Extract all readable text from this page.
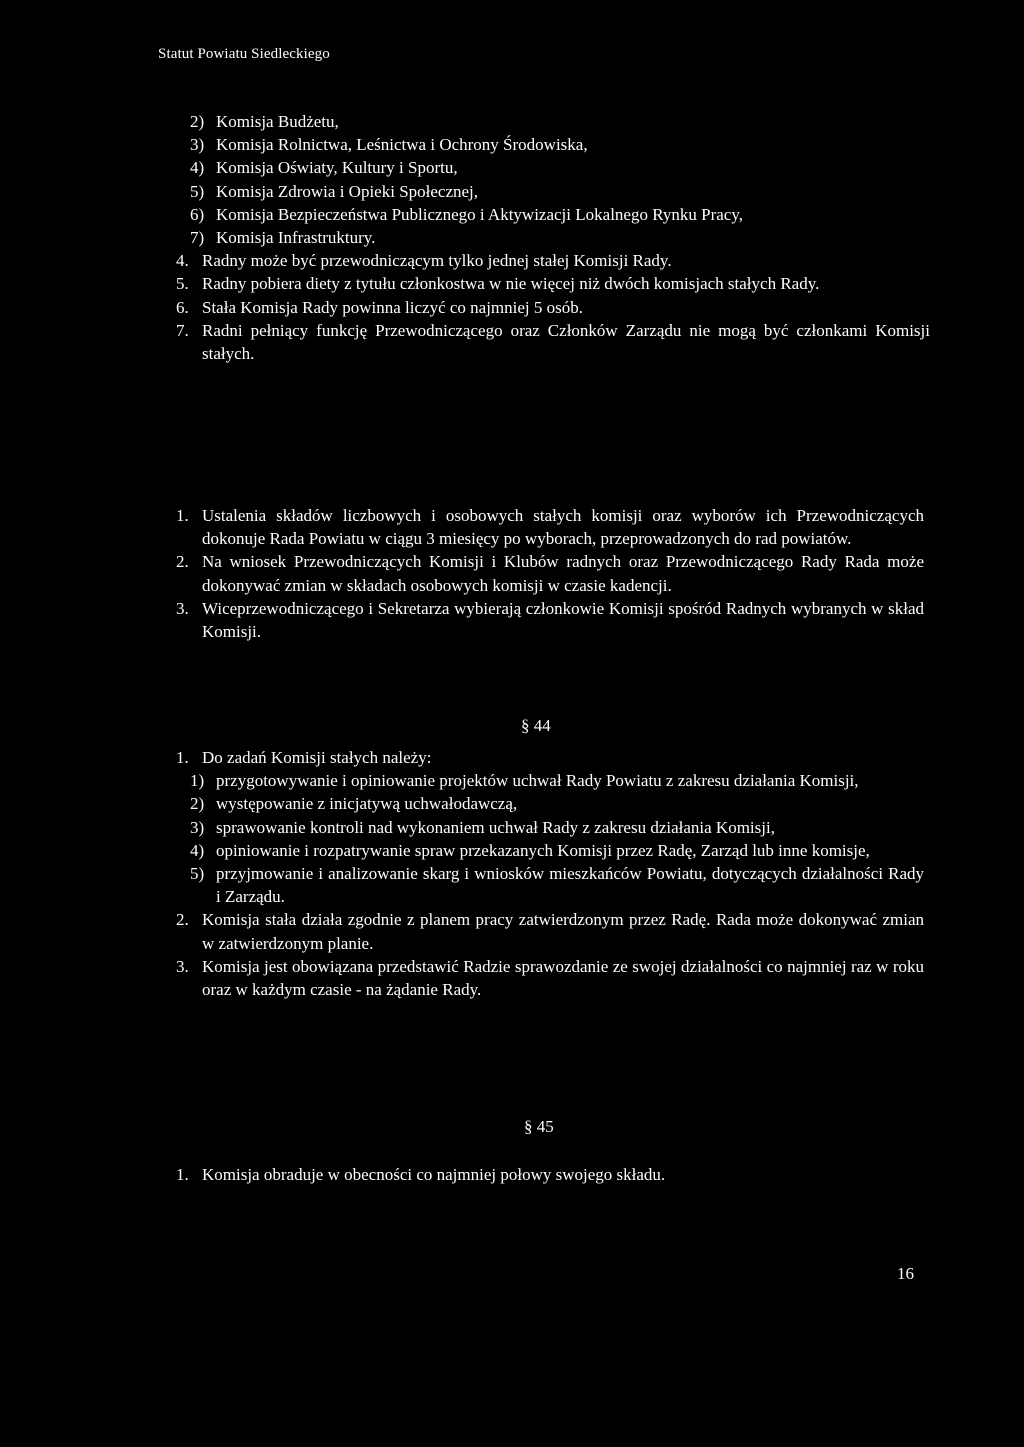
Statut Powiatu Siedleckiego
2) Komisja Budżetu,
3) Komisja Rolnictwa, Leśnictwa i Ochrony Środowiska,
4) Komisja Oświaty, Kultury i Sportu,
5) Komisja Zdrowia i Opieki Społecznej,
6) Komisja Bezpieczeństwa Publicznego i Aktywizacji Lokalnego Rynku Pracy,
7) Komisja Infrastruktury.
4. Radny może być przewodniczącym tylko jednej stałej Komisji Rady.
5. Radny pobiera diety z tytułu członkostwa w nie więcej niż dwóch komisjach stałych Rady.
6. Stała Komisja Rady powinna liczyć co najmniej 5 osób.
7. Radni pełniący funkcję Przewodniczącego oraz Członków Zarządu nie mogą być członkami Komisji stałych.
1. Ustalenia składów liczbowych i osobowych stałych komisji oraz wyborów ich Przewodniczących dokonuje Rada Powiatu w ciągu 3 miesięcy po wyborach, przeprowadzonych do rad powiatów.
2. Na wniosek Przewodniczących Komisji i Klubów radnych oraz Przewodniczącego Rady Rada może dokonywać zmian w składach osobowych komisji w czasie kadencji.
3. Wiceprzewodniczącego i Sekretarza wybierają członkowie Komisji spośród Radnych wybranych w skład Komisji.
§ 44
1. Do zadań Komisji stałych należy:
1) przygotowywanie i opiniowanie projektów uchwał Rady Powiatu z zakresu działania Komisji,
2) występowanie z inicjatywą uchwałodawczą,
3) sprawowanie kontroli nad wykonaniem uchwał Rady z zakresu działania Komisji,
4) opiniowanie i rozpatrywanie spraw przekazanych Komisji przez Radę, Zarząd lub inne komisje,
5) przyjmowanie i analizowanie skarg i wniosków mieszkańców Powiatu, dotyczących działalności Rady i Zarządu.
2. Komisja stała działa zgodnie z planem pracy zatwierdzonym przez Radę. Rada może dokonywać zmian w zatwierdzonym planie.
3. Komisja jest obowiązana przedstawić Radzie sprawozdanie ze swojej działalności co najmniej raz w roku oraz w każdym czasie - na żądanie Rady.
§ 45
1. Komisja obraduje w obecności co najmniej połowy swojego składu.
16
